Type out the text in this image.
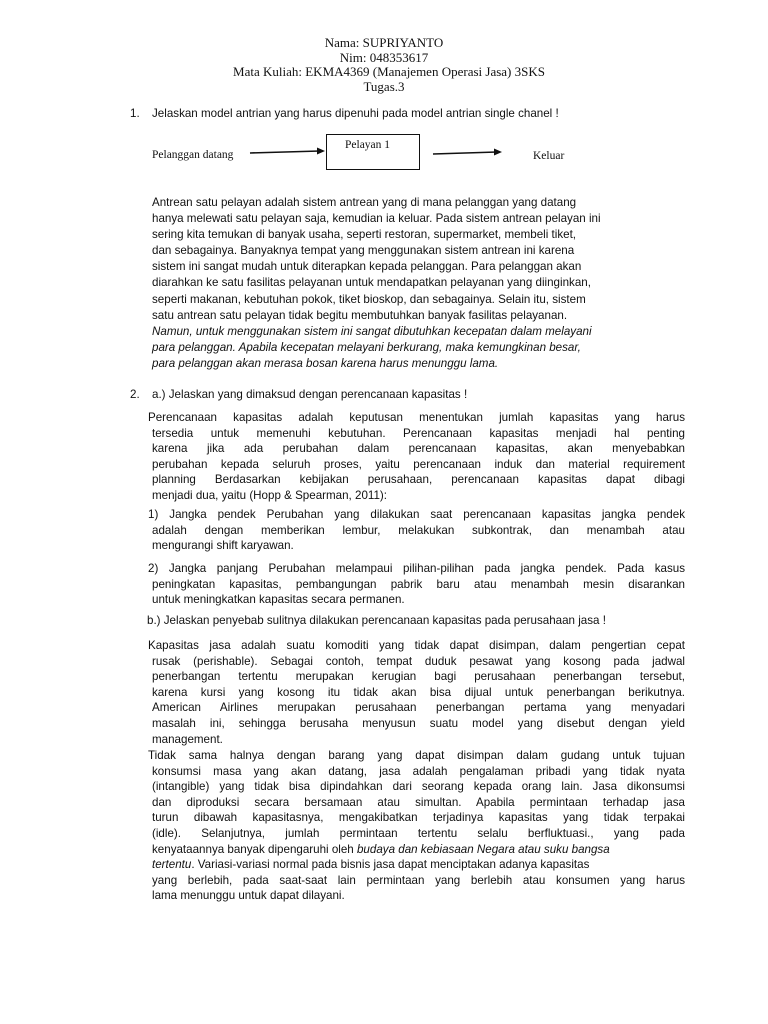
Nama: SUPRIYANTO
Nim: 048353617
Mata Kuliah: EKMA4369 (Manajemen Operasi Jasa) 3SKS
Tugas.3
1. Jelaskan model antrian yang harus dipenuhi pada model antrian single chanel !
Pelanggan datang
Pelayan 1
Keluar
Antrean satu pelayan adalah sistem antrean yang di mana pelanggan yang datang
hanya melewati satu pelayan saja, kemudian ia keluar. Pada sistem antrean pelayan ini
sering kita temukan di banyak usaha, seperti restoran, supermarket, membeli tiket,
dan sebagainya. Banyaknya tempat yang menggunakan sistem antrean ini karena
sistem ini sangat mudah untuk diterapkan kepada pelanggan. Para pelanggan akan
diarahkan ke satu fasilitas pelayanan untuk mendapatkan pelayanan yang diinginkan,
seperti makanan, kebutuhan pokok, tiket bioskop, dan sebagainya. Selain itu, sistem
satu antrean satu pelayan tidak begitu membutuhkan banyak fasilitas pelayanan.
Namun, untuk menggunakan sistem ini sangat dibutuhkan kecepatan dalam melayani
para pelanggan. Apabila kecepatan melayani berkurang, maka kemungkinan besar,
para pelanggan akan merasa bosan karena harus menunggu lama.
2. a.) Jelaskan yang dimaksud dengan perencanaan kapasitas !
Perencanaan kapasitas adalah keputusan menentukan jumlah kapasitas yang harus
tersedia untuk memenuhi kebutuhan. Perencanaan kapasitas menjadi hal penting
karena jika ada perubahan dalam perencanaan kapasitas, akan menyebabkan
perubahan kepada seluruh proses, yaitu perencanaan induk dan material requirement
planning Berdasarkan kebijakan perusahaan, perencanaan kapasitas dapat dibagi
menjadi dua, yaitu (Hopp & Spearman, 2011):
1) Jangka pendek Perubahan yang dilakukan saat perencanaan kapasitas jangka pendek
adalah dengan memberikan lembur, melakukan subkontrak, dan menambah atau
mengurangi shift karyawan.
2) Jangka panjang Perubahan melampaui pilihan-pilihan pada jangka pendek. Pada kasus
peningkatan kapasitas, pembangungan pabrik baru atau menambah mesin disarankan
untuk meningkatkan kapasitas secara permanen.
b.) Jelaskan penyebab sulitnya dilakukan perencanaan kapasitas pada perusahaan jasa !
Kapasitas jasa adalah suatu komoditi yang tidak dapat disimpan, dalam pengertian cepat
rusak (perishable). Sebagai contoh, tempat duduk pesawat yang kosong pada jadwal
penerbangan tertentu merupakan kerugian bagi perusahaan penerbangan tersebut,
karena kursi yang kosong itu tidak akan bisa dijual untuk penerbangan berikutnya.
American Airlines merupakan perusahaan penerbangan pertama yang menyadari
masalah ini, sehingga berusaha menyusun suatu model yang disebut dengan yield
management.
Tidak sama halnya dengan barang yang dapat disimpan dalam gudang untuk tujuan
konsumsi masa yang akan datang, jasa adalah pengalaman pribadi yang tidak nyata
(intangible) yang tidak bisa dipindahkan dari seorang kepada orang lain. Jasa dikonsumsi
dan diproduksi secara bersamaan atau simultan. Apabila permintaan terhadap jasa
turun dibawah kapasitasnya, mengakibatkan terjadinya kapasitas yang tidak terpakai
(idle). Selanjutnya, jumlah permintaan tertentu selalu berfluktuasi., yang pada
kenyataannya banyak dipengaruhi oleh budaya dan kebiasaan Negara atau suku bangsa
tertentu. Variasi-variasi normal pada bisnis jasa dapat menciptakan adanya kapasitas
yang berlebih, pada saat-saat lain permintaan yang berlebih atau konsumen yang harus
lama menunggu untuk dapat dilayani.
